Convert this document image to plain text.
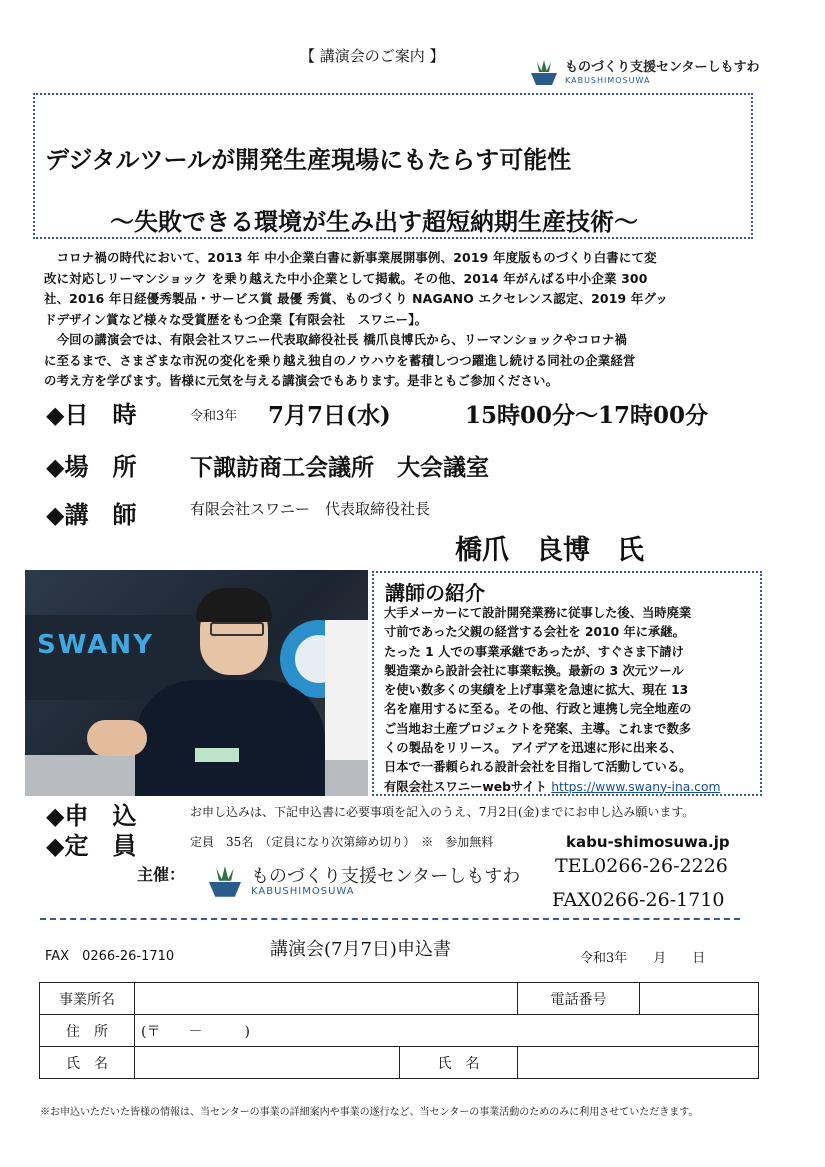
【 講演会のご案内 】
ものづくり支援センターしもすわ
KABUSHIMOSUWA
デジタルツールが開発生産現場にもたらす可能性
～失敗できる環境が生み出す超短納期生産技術～
　コロナ禍の時代において、2013 年 中小企業白書に新事業展開事例、2019 年度版ものづくり白書にて変
改に対応しリーマンショック を乗り越えた中小企業として掲載。その他、2014 年がんばる中小企業 300
社、2016 年日経優秀製品・サービス賞 最優 秀賞、ものづくり NAGANO エクセレンス認定、2019 年グッ
ドデザイン賞など様々な受賞歴をもつ企業【有限会社　スワニー】。
　今回の講演会では、有限会社スワニー代表取締役社長 橋爪良博氏から、リーマンショックやコロナ禍
に至るまで、さまざまな市況の変化を乗り越え独自のノウハウを蓄積しつつ躍進し続ける同社の企業経営
の考え方を学びます。皆様に元気を与える講演会でもあります。是非ともご参加ください。
◆日　時	令和3年 7月7日(水)	15時00分～17時00分
◆場　所 下諏訪商工会議所　大会議室
◆講　師	有限会社スワニー　代表取締役社長
橋爪　良博　氏
SWANY
講師の紹介
大手メーカーにて設計開発業務に従事した後、当時廃業
寸前であった父親の経営する会社を 2010 年に承継。
たった 1 人での事業承継であったが、すぐさま下請け
製造業から設計会社に事業転換。最新の 3 次元ツール
を使い数多くの実績を上げ事業を急速に拡大、現在 13
名を雇用するに至る。その他、行政と連携し完全地産の
ご当地お土産プロジェクトを発案、主導。これまで数多
くの製品をリリース。 アイデアを迅速に形に出来る、
日本で一番頼られる設計会社を目指して活動している。
有限会社スワニーwebサイト https://www.swany-ina.com
◆申　込	お申し込みは、下記申込書に必要事項を記入のうえ、7月2日(金)までにお申し込み願います。
◆定　員	定員　35名　（定員になり次第締め切り）　※　参加無料
主催：	ものづくり支援センターしもすわ
KABUSHIMOSUWA
kabu-shimosuwa.jp
TEL0266-26-2226
FAX0266-26-1710
FAX　0266-26-1710	講演会(7月7日)申込書	令和3年　　月　　日
事業所名			電話番号	
住　所	(〒　　－　　　)			
氏　名		氏　名		
※お申込いただいた皆様の情報は、当センターの事業の詳細案内や事業の遂行など、当センターの事業活動のためのみに利用させていただきます。
